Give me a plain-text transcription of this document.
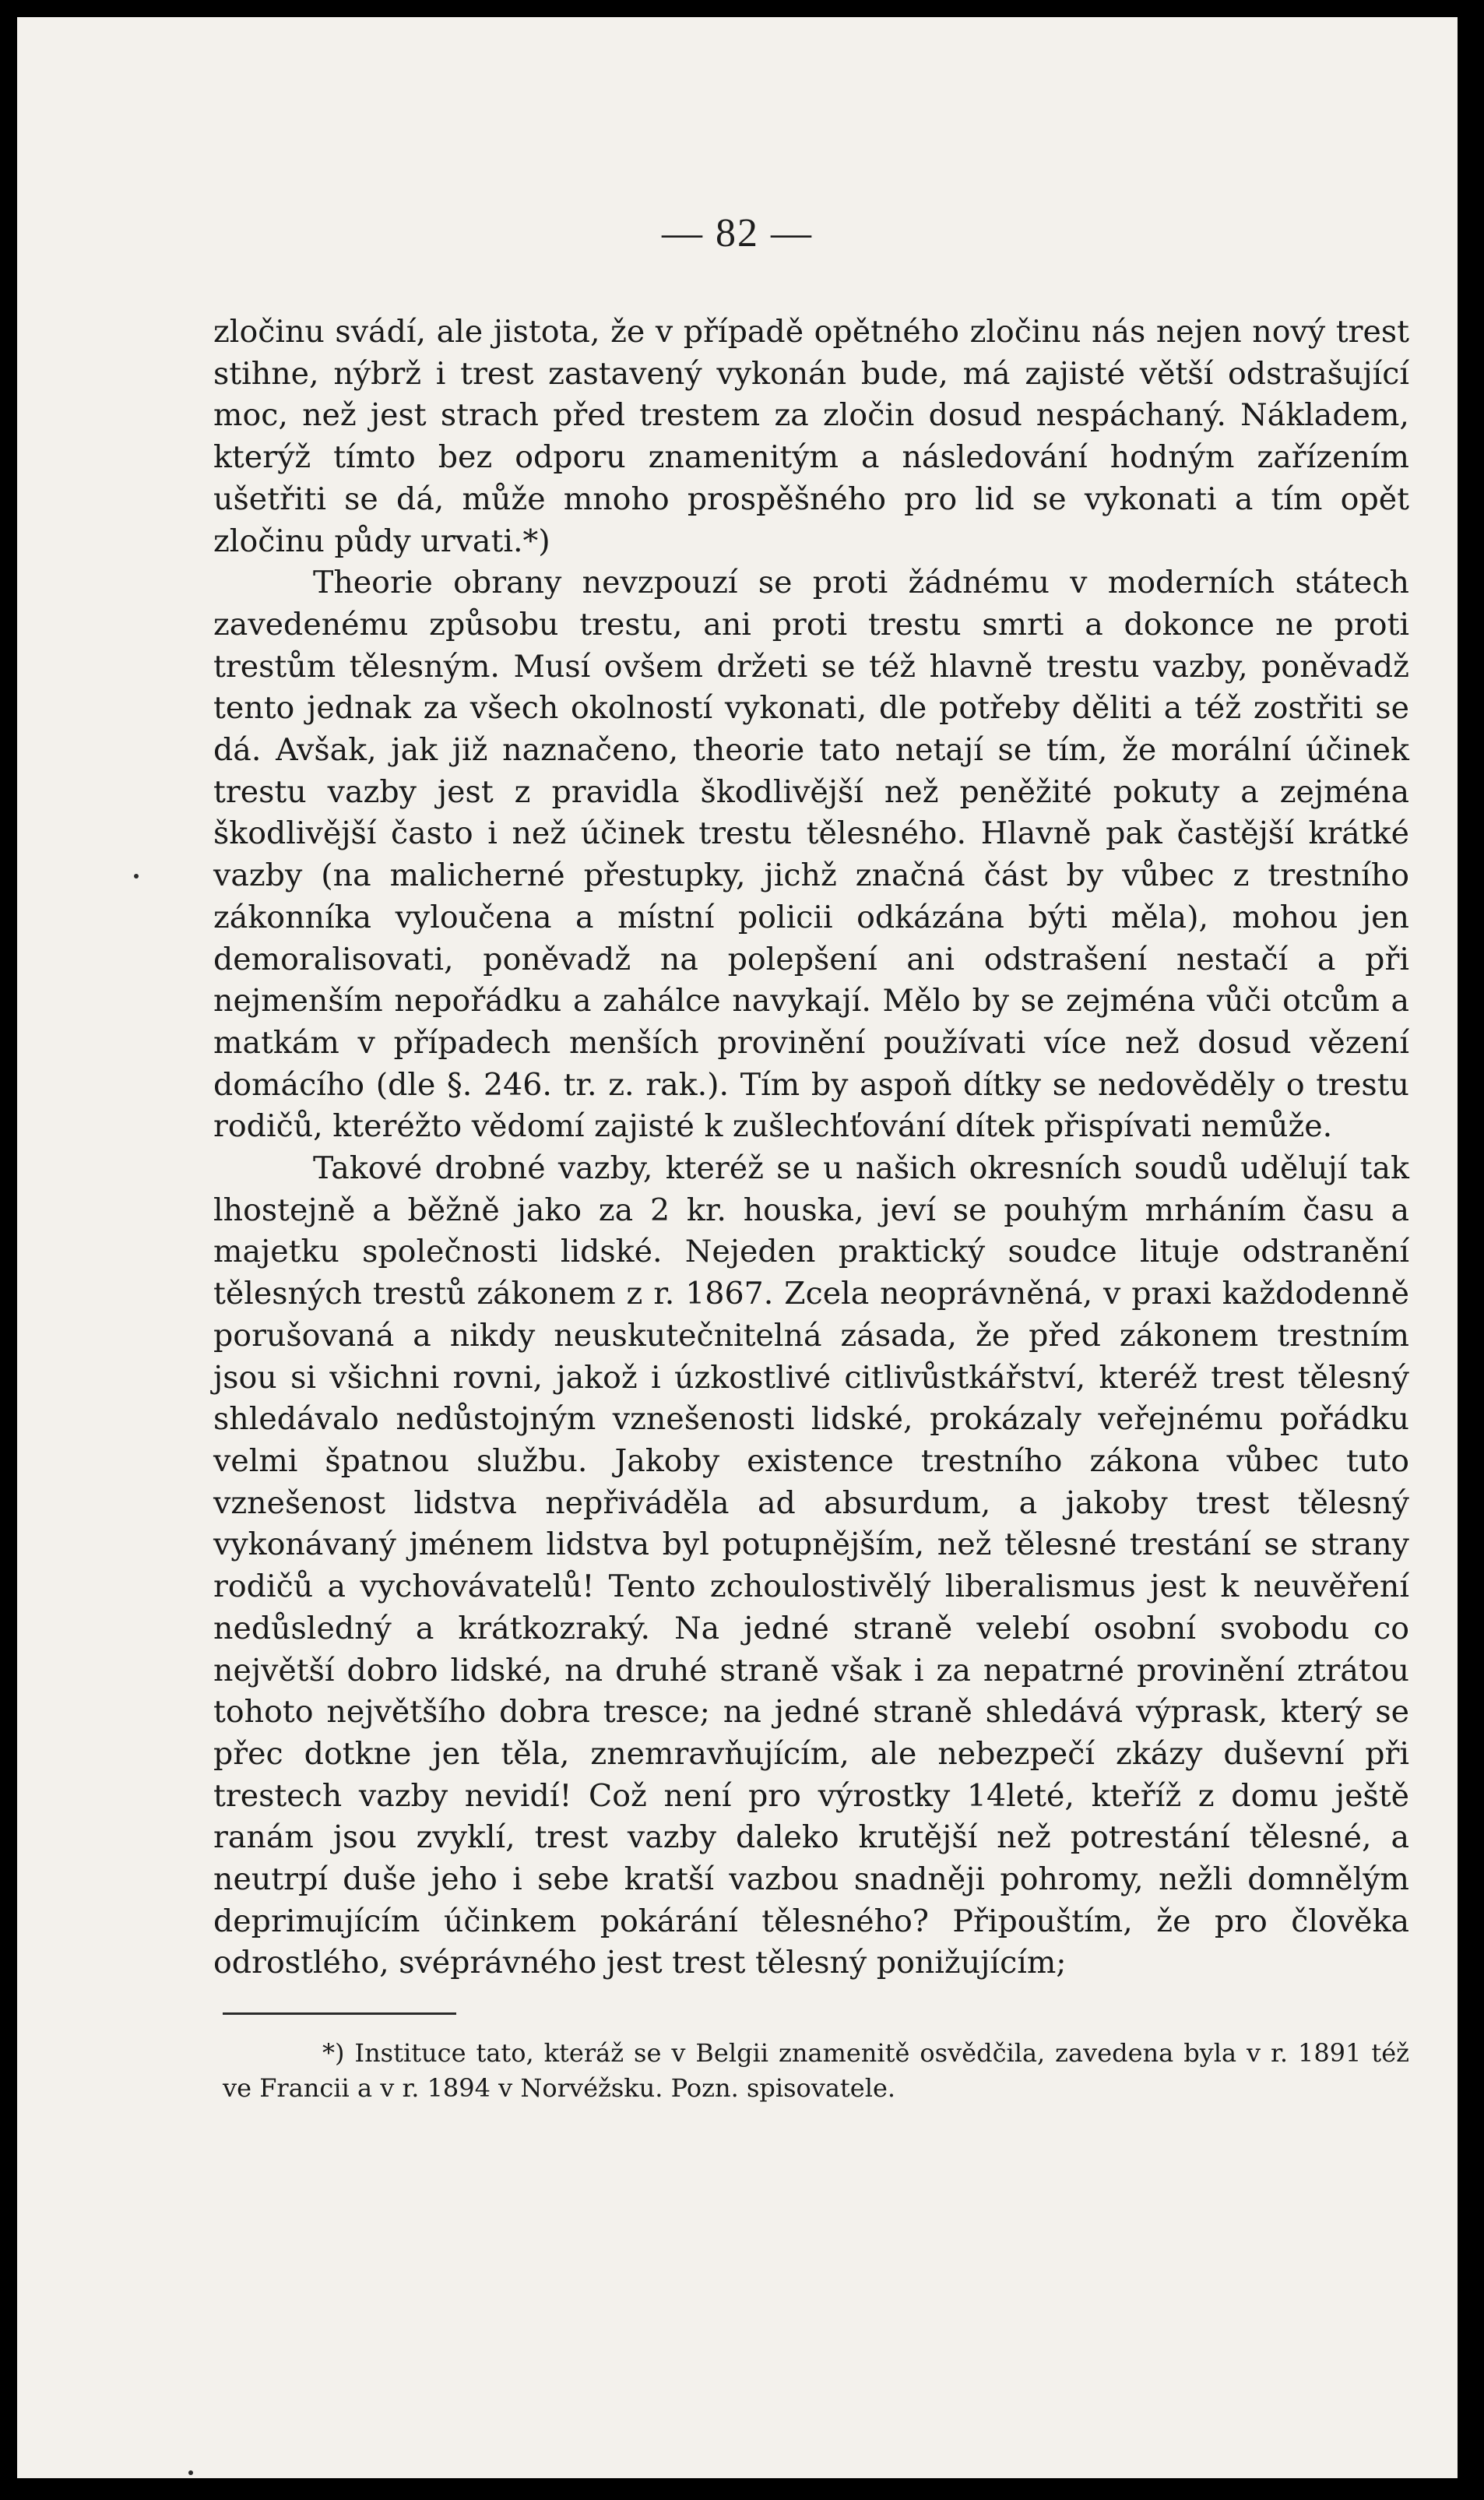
— 82 —

zločinu svádí, ale jistota, že v případě opětného zločinu nás nejen nový trest stihne, nýbrž i trest zastavený vykonán bude, má zajisté větší odstrašující moc, než jest strach před trestem za zločin dosud nespáchaný. Nákladem, kterýž tímto bez odporu znamenitým a následování hodným zařízením ušetřiti se dá, může mnoho prospěšného pro lid se vykonati a tím opět zločinu půdy urvati.*)

Theorie obrany nevzpouzí se proti žádnému v moderních státech zavedenému způsobu trestu, ani proti trestu smrti a dokonce ne proti trestům tělesným. Musí ovšem držeti se též hlavně trestu vazby, poněvadž tento jednak za všech okolností vykonati, dle potřeby děliti a též zostřiti se dá. Avšak, jak již naznačeno, theorie tato netají se tím, že morální účinek trestu vazby jest z pravidla škodlivější než peněžité pokuty a zejména škodlivější často i než účinek trestu tělesného. Hlavně pak častější krátké vazby (na malicherné přestupky, jichž značná část by vůbec z trestního zákonníka vyloučena a místní policii odkázána býti měla), mohou jen demoralisovati, poněvadž na polepšení ani odstrašení nestačí a při nejmenším nepořádku a zahálce navykají. Mělo by se zejména vůči otcům a matkám v případech menších provinění používati více než dosud vězení domácího (dle §. 246. tr. z. rak.). Tím by aspoň dítky se nedověděly o trestu rodičů, kteréžto vědomí zajisté k zušlechťování dítek přispívati nemůže.

Takové drobné vazby, kteréž se u našich okresních soudů udělují tak lhostejně a běžně jako za 2 kr. houska, jeví se pouhým mrháním času a majetku společnosti lidské. Nejeden praktický soudce lituje odstranění tělesných trestů zákonem z r. 1867. Zcela neoprávněná, v praxi každodenně porušovaná a nikdy neuskutečnitelná zásada, že před zákonem trestním jsou si všichni rovni, jakož i úzkostlivé citlivůstkářství, kteréž trest tělesný shledávalo nedůstojným vznešenosti lidské, prokázaly veřejnému pořádku velmi špatnou službu. Jakoby existence trestního zákona vůbec tuto vznešenost lidstva nepřiváděla ad absurdum, a jakoby trest tělesný vykonávaný jménem lidstva byl potupnějším, než tělesné trestání se strany rodičů a vychovávatelů! Tento zchoulostivělý liberalismus jest k neuvěření nedůsledný a krátkozraký. Na jedné straně velebí osobní svobodu co největší dobro lidské, na druhé straně však i za nepatrné provinění ztrátou tohoto největšího dobra tresce; na jedné straně shledává výprask, který se přec dotkne jen těla, znemravňujícím, ale nebezpečí zkázy duševní při trestech vazby nevidí! Což není pro výrostky 14leté, kteříž z domu ještě ranám jsou zvyklí, trest vazby daleko krutější než potrestání tělesné, a neutrpí duše jeho i sebe kratší vazbou snadněji pohromy, nežli domnělým deprimujícím účinkem pokárání tělesného? Připouštím, že pro člověka odrostlého, svéprávného jest trest tělesný ponižujícím;

*) Instituce tato, kteráž se v Belgii znamenitě osvědčila, zavedena byla v r. 1891 též ve Francii a v r. 1894 v Norvéžsku. Pozn. spisovatele.
